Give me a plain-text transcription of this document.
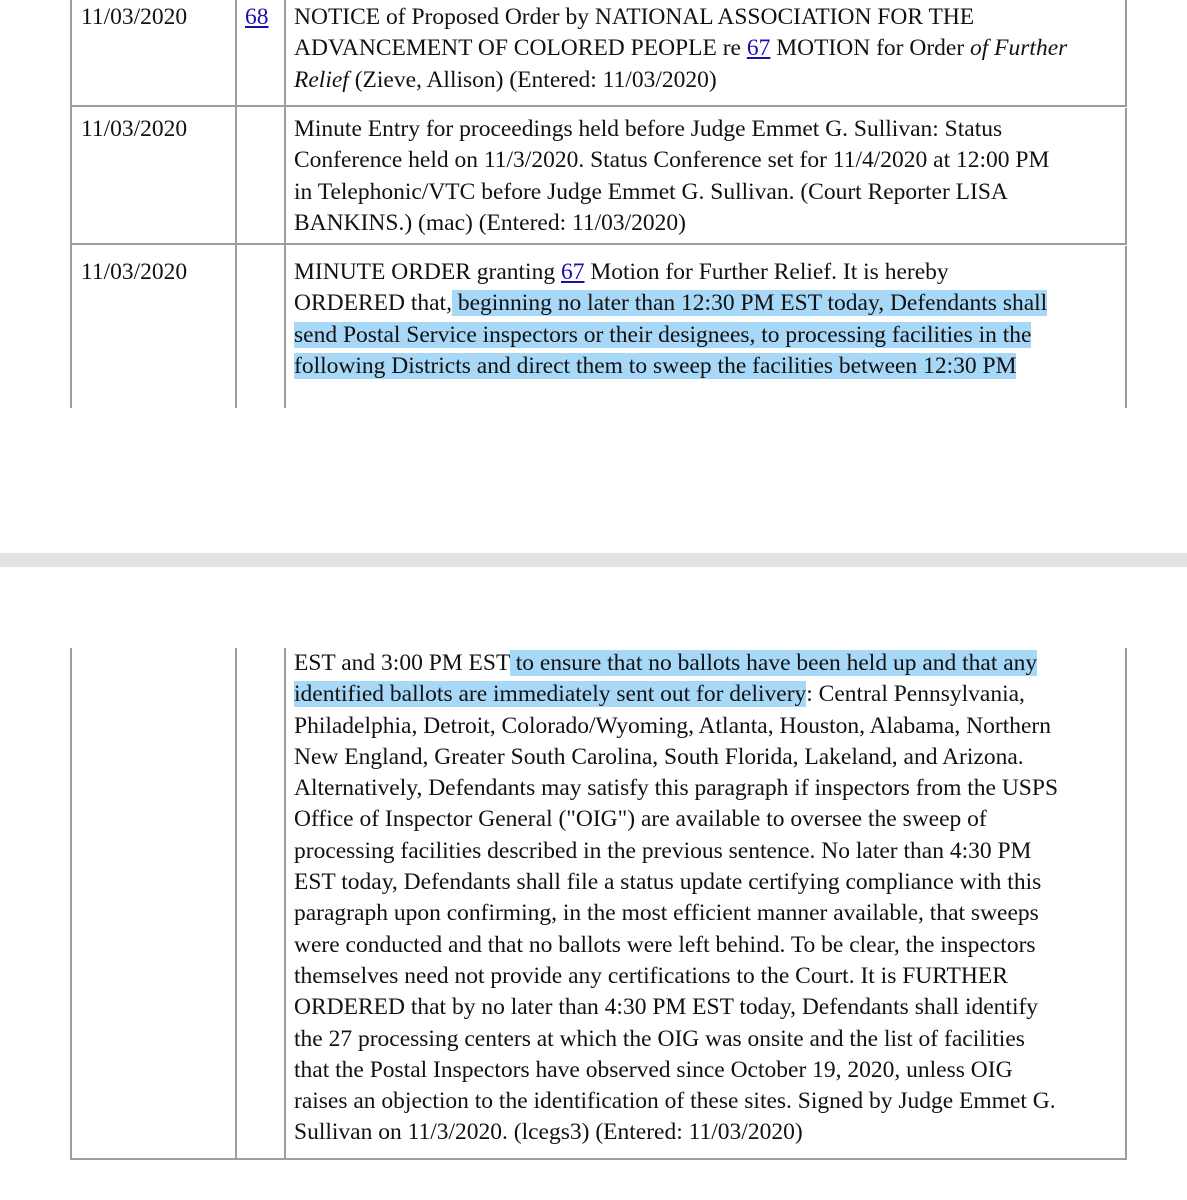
11/03/2020 68 NOTICE of Proposed Order by NATIONAL ASSOCIATION FOR THE ADVANCEMENT OF COLORED PEOPLE re 67 MOTION for Order of Further Relief (Zieve, Allison) (Entered: 11/03/2020)
11/03/2020	Minute Entry for proceedings held before Judge Emmet G. Sullivan: Status
Conference held on 11/3/2020. Status Conference set for 11/4/2020 at 12:00 PM
in Telephonic/VTC before Judge Emmet G. Sullivan. (Court Reporter LISA
BANKINS.) (mac) (Entered: 11/03/2020)
11/03/2020	MINUTE ORDER granting 67 Motion for Further Relief. It is hereby
ORDERED that, beginning no later than 12:30 PM EST today, Defendants shall
send Postal Service inspectors or their designees, to processing facilities in the
following Districts and direct them to sweep the facilities between 12:30 PM
EST and 3:00 PM EST to ensure that no ballots have been held up and that any
identified ballots are immediately sent out for delivery: Central Pennsylvania,
Philadelphia, Detroit, Colorado/Wyoming, Atlanta, Houston, Alabama, Northern
New England, Greater South Carolina, South Florida, Lakeland, and Arizona.
Alternatively, Defendants may satisfy this paragraph if inspectors from the USPS
Office of Inspector General ("OIG") are available to oversee the sweep of
processing facilities described in the previous sentence. No later than 4:30 PM
EST today, Defendants shall file a status update certifying compliance with this
paragraph upon confirming, in the most efficient manner available, that sweeps
were conducted and that no ballots were left behind. To be clear, the inspectors
themselves need not provide any certifications to the Court. It is FURTHER
ORDERED that by no later than 4:30 PM EST today, Defendants shall identify
the 27 processing centers at which the OIG was onsite and the list of facilities
that the Postal Inspectors have observed since October 19, 2020, unless OIG
raises an objection to the identification of these sites. Signed by Judge Emmet G.
Sullivan on 11/3/2020. (lcegs3) (Entered: 11/03/2020)
